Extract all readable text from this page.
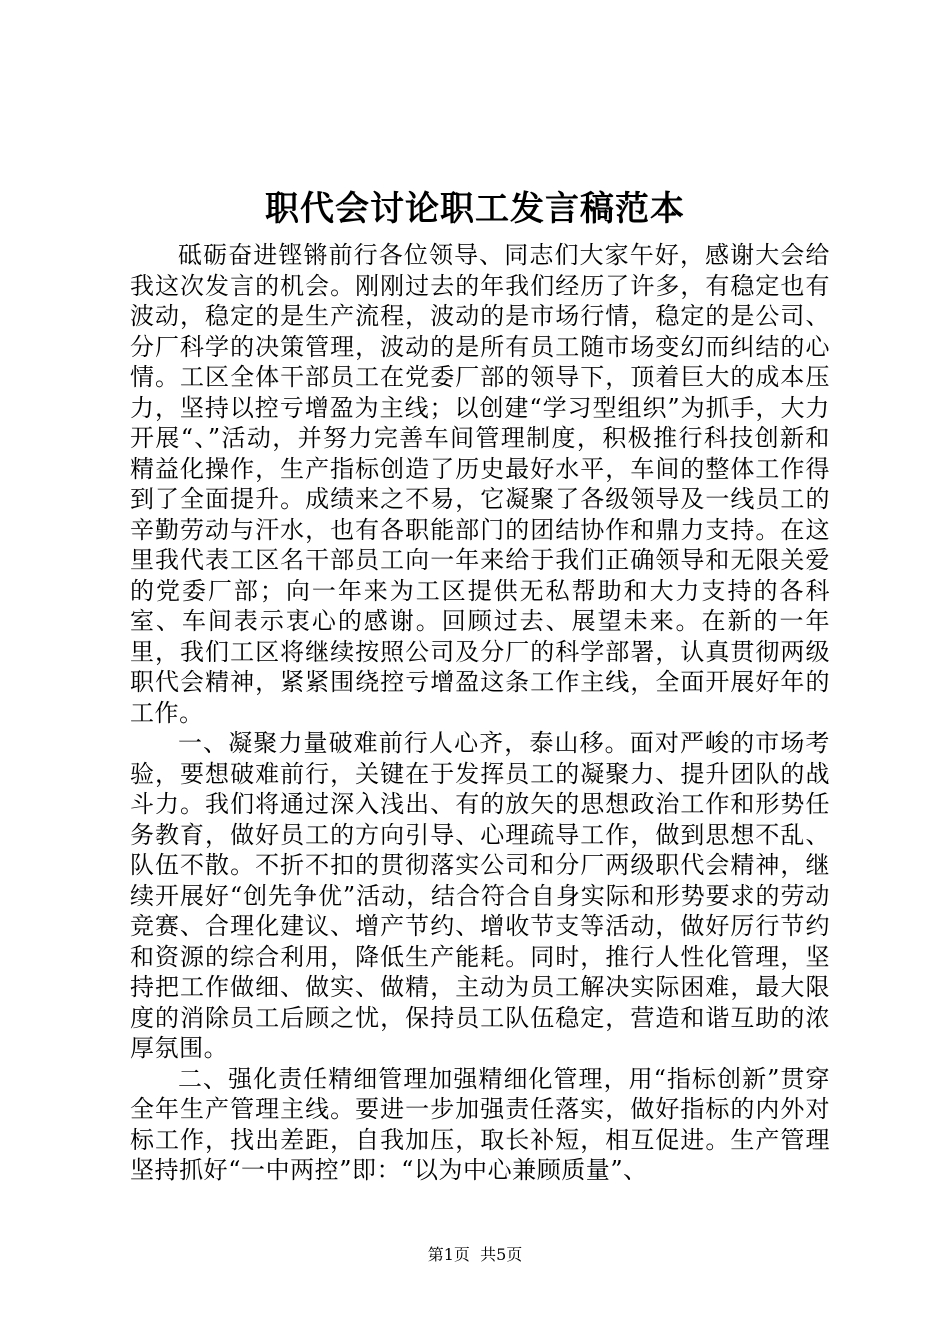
职代会讨论职工发言稿范本

砥砺奋进铿锵前行各位领导、同志们大家午好，感谢大会给我这次发言的机会。刚刚过去的年我们经历了许多，有稳定也有波动，稳定的是生产流程，波动的是市场行情，稳定的是公司、分厂科学的决策管理，波动的是所有员工随市场变幻而纠结的心情。工区全体干部员工在党委厂部的领导下，顶着巨大的成本压力，坚持以控亏增盈为主线；以创建“学习型组织”为抓手，大力开展“、”活动，并努力完善车间管理制度，积极推行科技创新和精益化操作，生产指标创造了历史最好水平，车间的整体工作得到了全面提升。成绩来之不易，它凝聚了各级领导及一线员工的辛勤劳动与汗水，也有各职能部门的团结协作和鼎力支持。在这里我代表工区名干部员工向一年来给于我们正确领导和无限关爱的党委厂部；向一年来为工区提供无私帮助和大力支持的各科室、车间表示衷心的感谢。回顾过去、展望未来。在新的一年里，我们工区将继续按照公司及分厂的科学部署，认真贯彻两级职代会精神，紧紧围绕控亏增盈这条工作主线，全面开展好年的工作。

一、凝聚力量破难前行人心齐，泰山移。面对严峻的市场考验，要想破难前行，关键在于发挥员工的凝聚力、提升团队的战斗力。我们将通过深入浅出、有的放矢的思想政治工作和形势任务教育，做好员工的方向引导、心理疏导工作，做到思想不乱、队伍不散。不折不扣的贯彻落实公司和分厂两级职代会精神，继续开展好“创先争优”活动，结合符合自身实际和形势要求的劳动竞赛、合理化建议、增产节约、增收节支等活动，做好厉行节约和资源的综合利用，降低生产能耗。同时，推行人性化管理，坚持把工作做细、做实、做精，主动为员工解决实际困难，最大限度的消除员工后顾之忧，保持员工队伍稳定，营造和谐互助的浓厚氛围。

二、强化责任精细管理加强精细化管理，用“指标创新”贯穿全年生产管理主线。要进一步加强责任落实，做好指标的内外对标工作，找出差距，自我加压，取长补短，相互促进。生产管理坚持抓好“一中两控”即：“以为中心兼顾质量”、

第1页  共5页
